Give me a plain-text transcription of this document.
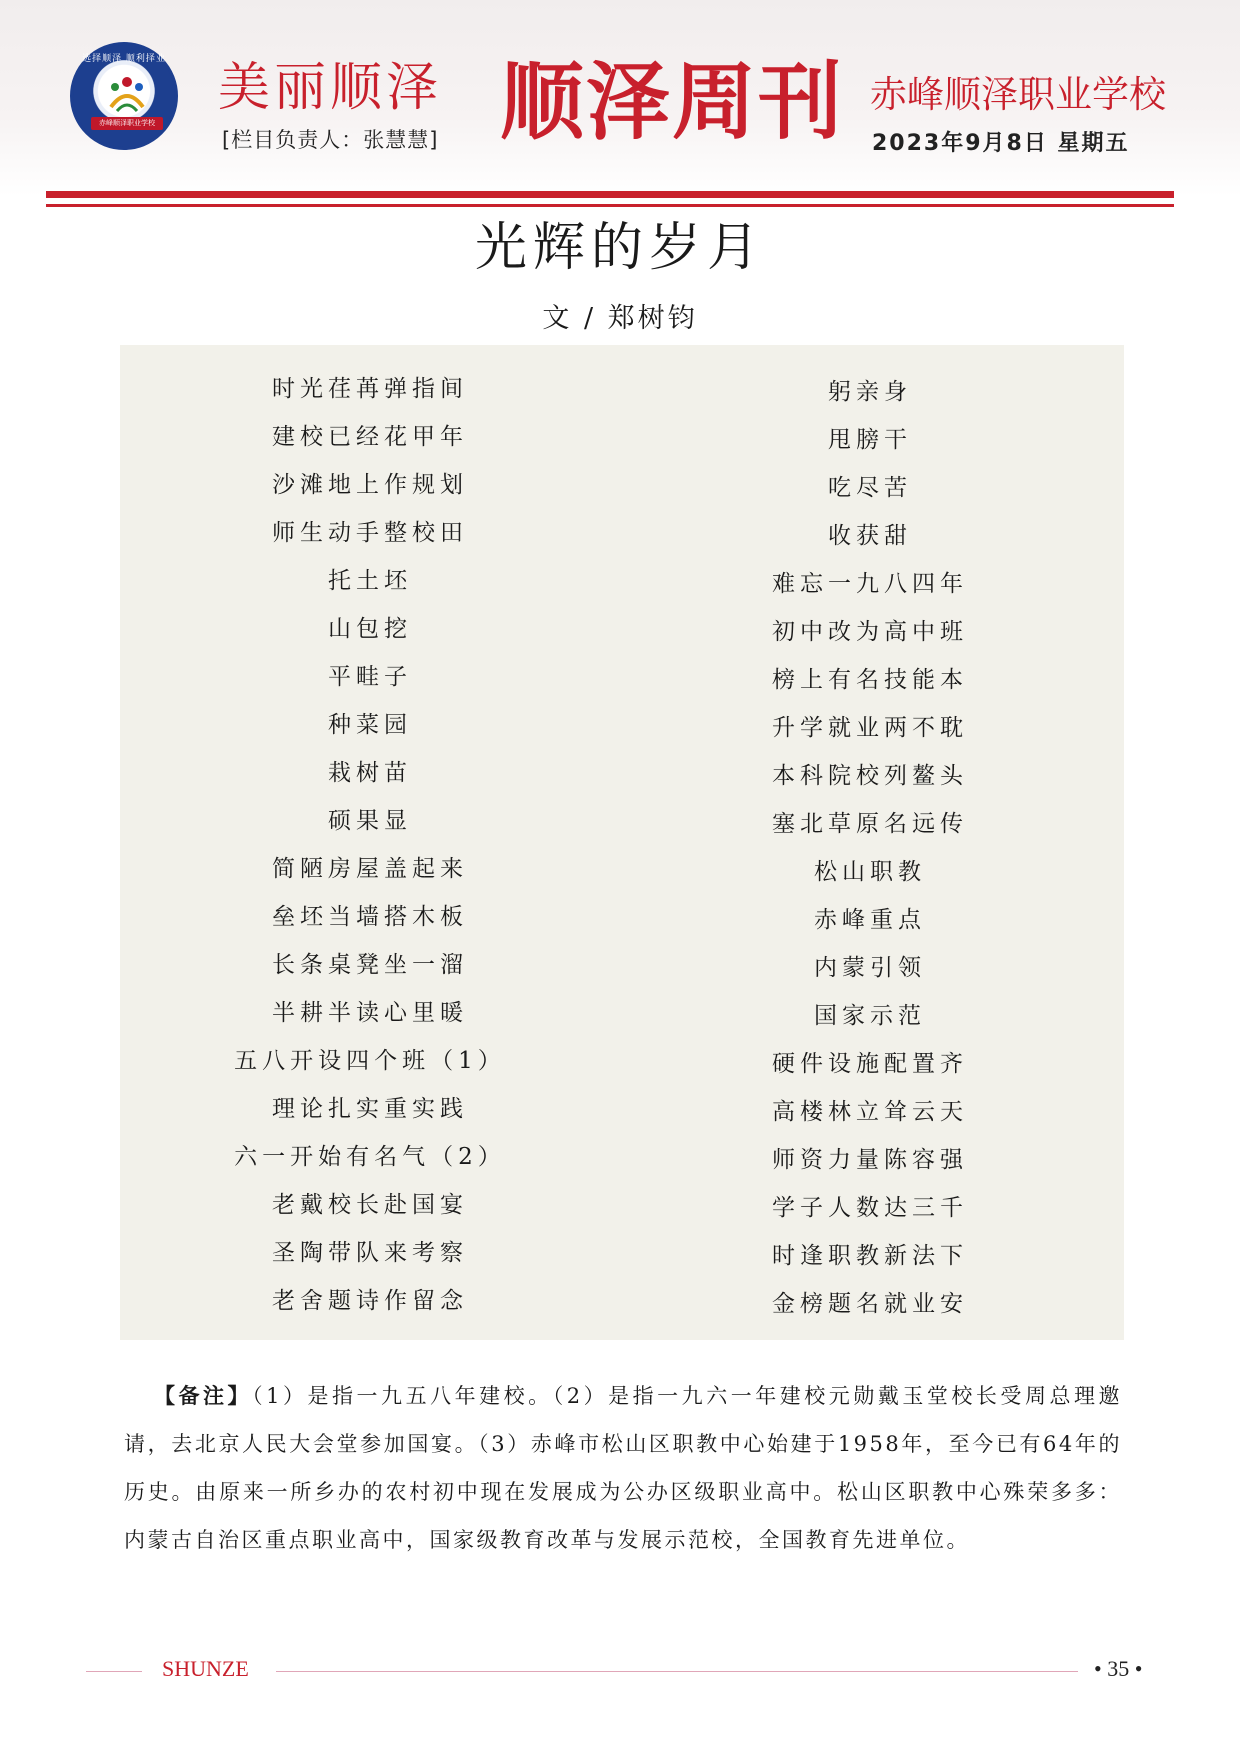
选择顺泽 顺利择业
赤峰顺泽职业学校
美丽顺泽
[栏目负责人：张慧慧] 顺泽周刊 赤峰顺泽职业学校
2023年9月8日 星期五
光辉的岁月
文 / 郑树钧
时光荏苒弹指间
建校已经花甲年
沙滩地上作规划
师生动手整校田
托土坯
山包挖
平畦子
种菜园
栽树苗
硕果显
简陋房屋盖起来
垒坯当墙搭木板
长条桌凳坐一溜
半耕半读心里暖
五八开设四个班（1）
理论扎实重实践
六一开始有名气（2）
老戴校长赴国宴
圣陶带队来考察
老舍题诗作留念
躬亲身
甩膀干
吃尽苦
收获甜
难忘一九八四年
初中改为高中班
榜上有名技能本
升学就业两不耽
本科院校列鳌头
塞北草原名远传
松山职教
赤峰重点
内蒙引领
国家示范
硬件设施配置齐
高楼林立耸云天
师资力量陈容强
学子人数达三千
时逢职教新法下
金榜题名就业安

【备注】（1）是指一九五八年建校。（2）是指一九六一年建校元勋戴玉堂校长受周总理邀请，去北京人民大会堂参加国宴。（3）赤峰市松山区职教中心始建于1958年，至今已有64年的历史。由原来一所乡办的农村初中现在发展成为公办区级职业高中。松山区职教中心殊荣多多：内蒙古自治区重点职业高中，国家级教育改革与发展示范校，全国教育先进单位。

SHUNZE	• 35 •
